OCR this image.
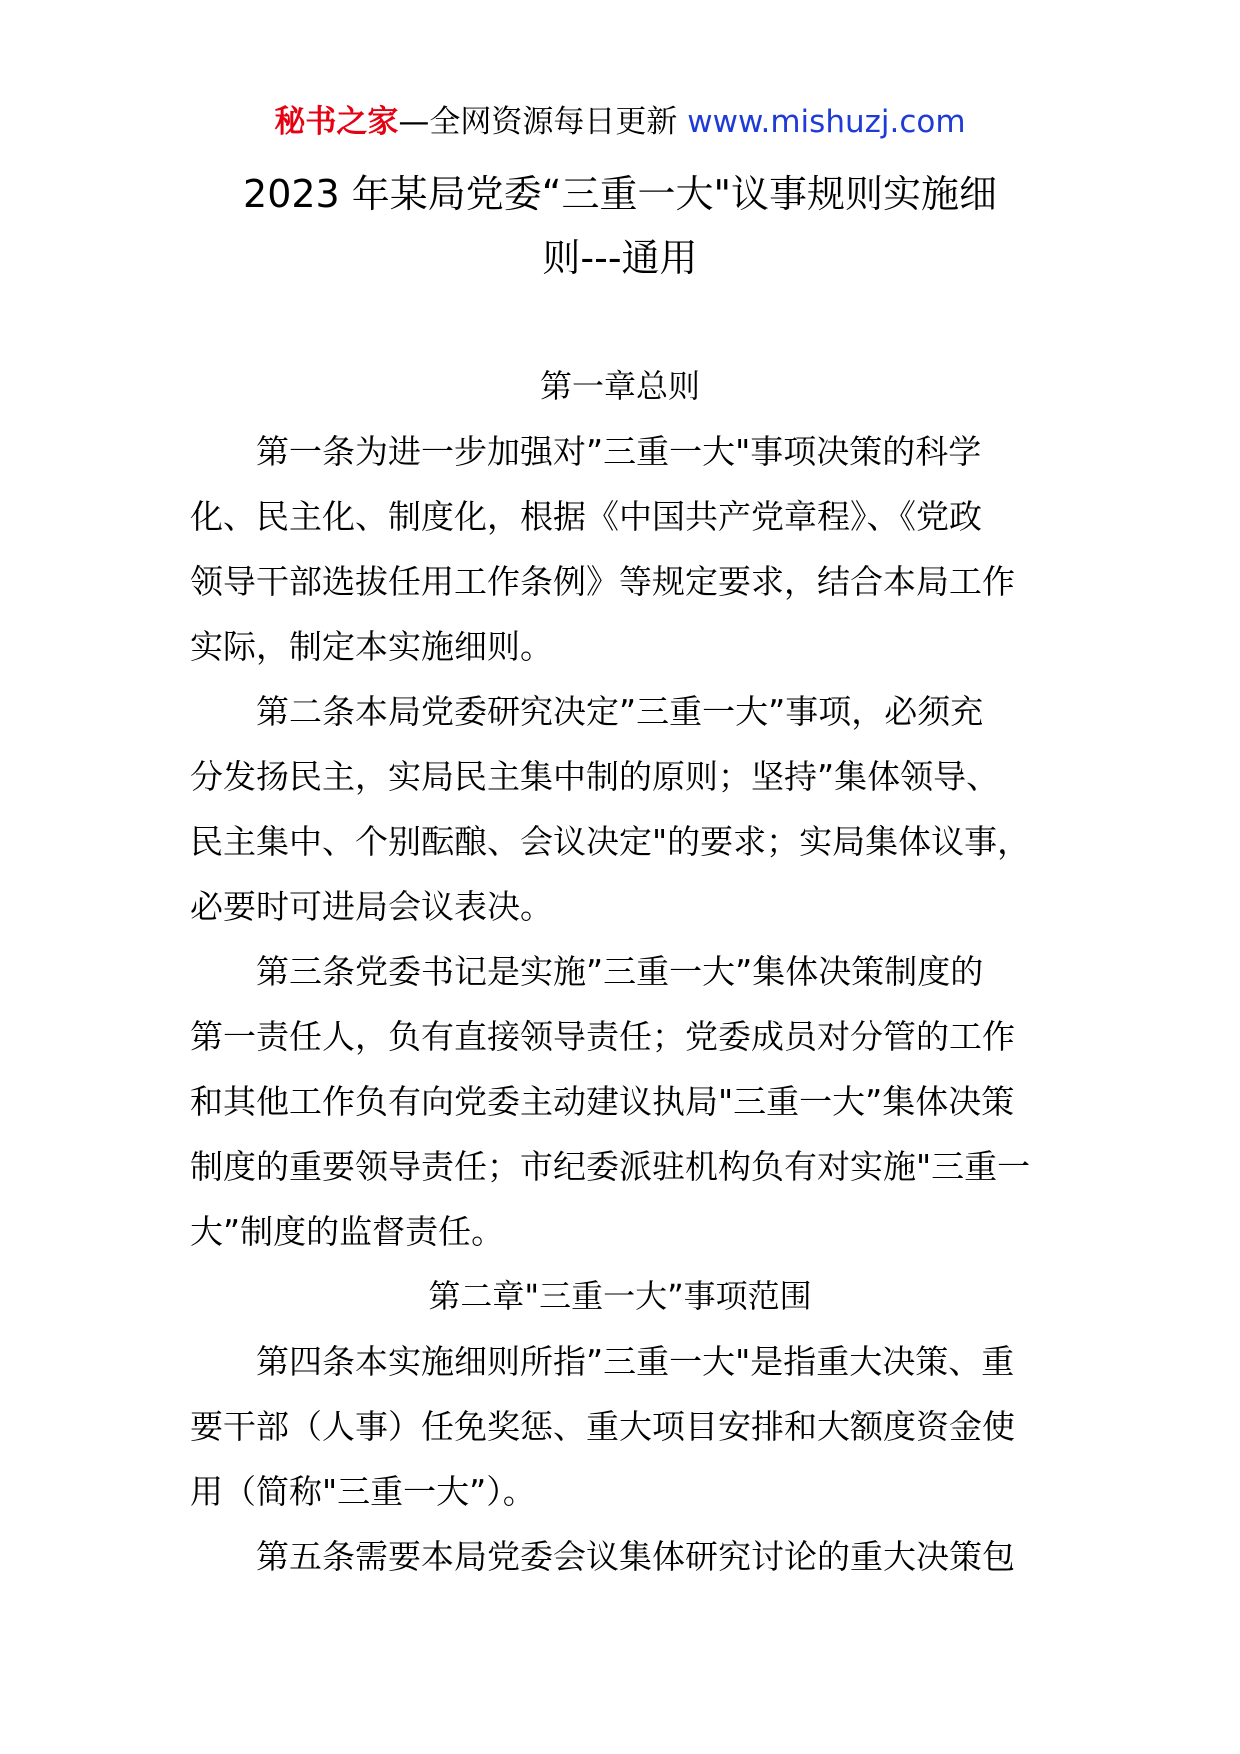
秘书之家—全网资源每日更新 www.mishuzj.com
2023 年某局党委“三重一大"议事规则实施细
则---通用
第一章总则
第一条为进一步加强对”三重一大"事项决策的科学
化、民主化、制度化，根据《中国共产党章程》、《党政
领导干部选拔任用工作条例》等规定要求，结合本局工作
实际，制定本实施细则。
第二条本局党委研究决定”三重一大”事项，必须充
分发扬民主，实局民主集中制的原则；坚持”集体领导、
民主集中、个别酝酿、会议决定"的要求；实局集体议事，
必要时可进局会议表决。
第三条党委书记是实施”三重一大”集体决策制度的
第一责任人，负有直接领导责任；党委成员对分管的工作
和其他工作负有向党委主动建议执局"三重一大”集体决策
制度的重要领导责任；市纪委派驻机构负有对实施"三重一
大”制度的监督责任。
第二章"三重一大”事项范围
第四条本实施细则所指”三重一大"是指重大决策、重
要干部（人事）任免奖惩、重大项目安排和大额度资金使
用（简称"三重一大”）。
第五条需要本局党委会议集体研究讨论的重大决策包
